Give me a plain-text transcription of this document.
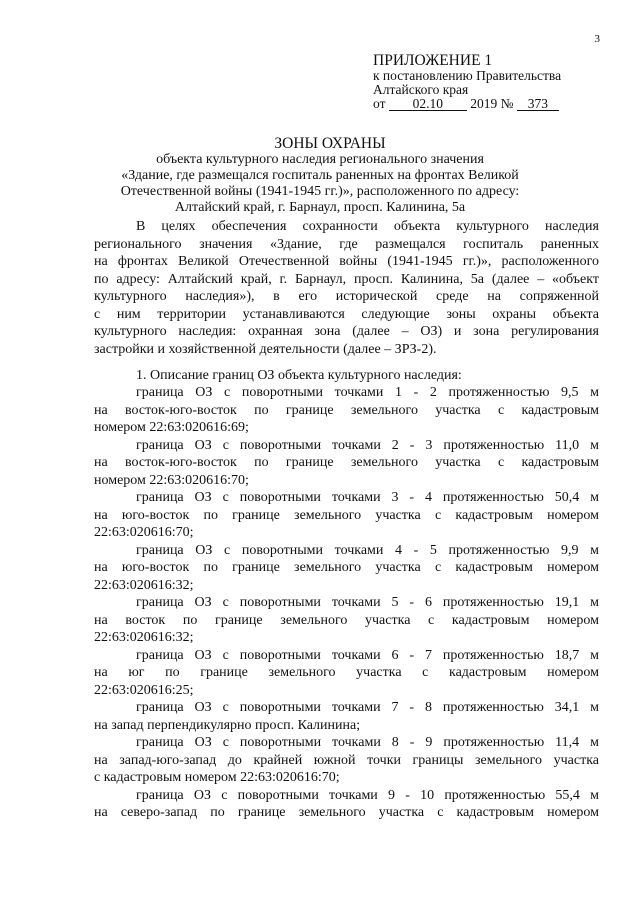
3
ПРИЛОЖЕНИЕ 1
к постановлению Правительства
Алтайского края
от 02.10 2019 № 373
ЗОНЫ ОХРАНЫ
объекта культурного наследия регионального значения
«Здание, где размещался госпиталь раненных на фронтах Великой
Отечественной войны (1941-1945 гг.)», расположенного по адресу:
Алтайский край, г. Барнаул, просп. Калинина, 5а

В целях обеспечения сохранности объекта культурного наследия

регионального значения «Здание, где размещался госпиталь раненных

на фронтах Великой Отечественной войны (1941-1945 гг.)», расположенного

по адресу: Алтайский край, г. Барнаул, просп. Калинина, 5а (далее – «объект

культурного наследия»), в его исторической среде на сопряженной

с ним территории устанавливаются следующие зоны охраны объекта

культурного наследия: охранная зона (далее – ОЗ) и зона регулирования

застройки и хозяйственной деятельности (далее – ЗРЗ-2).

1. Описание границ ОЗ объекта культурного наследия:

граница ОЗ с поворотными точками 1 - 2 протяженностью 9,5 м

на восток-юго-восток по границе земельного участка с кадастровым

номером 22:63:020616:69;

граница ОЗ с поворотными точками 2 - 3 протяженностью 11,0 м

на восток-юго-восток по границе земельного участка с кадастровым

номером 22:63:020616:70;

граница ОЗ с поворотными точками 3 - 4 протяженностью 50,4 м

на юго-восток по границе земельного участка с кадастровым номером

22:63:020616:70;

граница ОЗ с поворотными точками 4 - 5 протяженностью 9,9 м

на юго-восток по границе земельного участка с кадастровым номером

22:63:020616:32;

граница ОЗ с поворотными точками 5 - 6 протяженностью 19,1 м

на восток по границе земельного участка с кадастровым номером

22:63:020616:32;

граница ОЗ с поворотными точками 6 - 7 протяженностью 18,7 м

на юг по границе земельного участка с кадастровым номером

22:63:020616:25;

граница ОЗ с поворотными точками 7 - 8 протяженностью 34,1 м

на запад перпендикулярно просп. Калинина;

граница ОЗ с поворотными точками 8 - 9 протяженностью 11,4 м

на запад-юго-запад до крайней южной точки границы земельного участка

с кадастровым номером 22:63:020616:70;

граница ОЗ с поворотными точками 9 - 10 протяженностью 55,4 м

на северо-запад по границе земельного участка с кадастровым номером
